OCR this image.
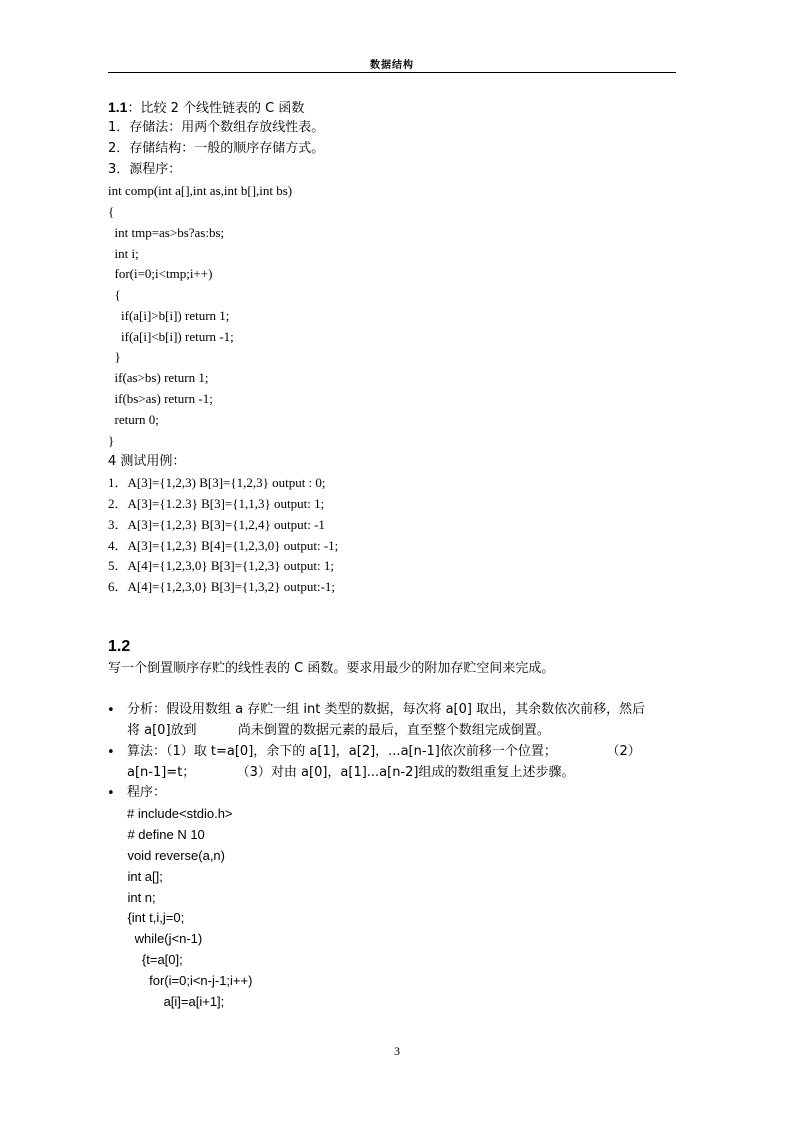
数据结构
1.1：比较 2 个线性链表的 C 函数
1．存储法：用两个数组存放线性表。
2．存储结构：一般的顺序存储方式。
3．源程序：
int comp(int a[],int as,int b[],int bs)
{
int tmp=as>bs?as:bs;
int i;
for(i=0;i<tmp;i++)
{
if(a[i]>b[i]) return 1;
if(a[i]<b[i]) return -1;
}
if(as>bs) return 1;
if(bs>as) return -1;
return 0;
}
4 测试用例：
1．A[3]={1,2,3) B[3]={1,2,3} output : 0;
2．A[3]={1.2.3} B[3]={1,1,3} output: 1;
3．A[3]={1,2,3} B[3]={1,2,4} output: -1
4．A[3]={1,2,3} B[4]={1,2,3,0} output: -1;
5．A[4]={1,2,3,0} B[3]={1,2,3} output: 1;
6．A[4]={1,2,3,0} B[3]={1,3,2} output:-1;
1.2
写一个倒置顺序存贮的线性表的 C 函数。要求用最少的附加存贮空间来完成。
• 分析：假设用数组 a 存贮一组 int 类型的数据，每次将 a[0] 取出，其余数依次前移，然后
将 a[0]放到          尚未倒置的数据元素的最后，直至整个数组完成倒置。
• 算法：（1）取 t=a[0]，余下的 a[1]，a[2]，...a[n-1]依次前移一个位置；            （2）
a[n-1]=t；          （3）对由 a[0]，a[1]...a[n-2]组成的数组重复上述步骤。
• 程序：
# include<stdio.h>
# define N 10
void reverse(a,n)
int a[];
int n;
{int t,i,j=0;
while(j<n-1)
{t=a[0];
for(i=0;i<n-j-1;i++)
a[i]=a[i+1];
3
